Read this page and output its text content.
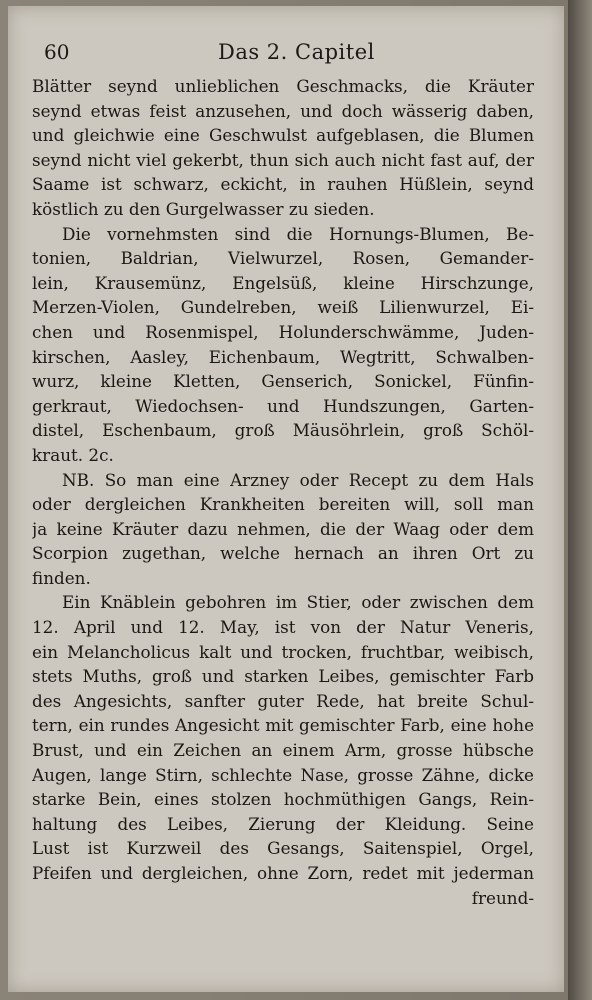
60	Das 2. Capitel
Blätter seynd unlieblichen Geschmacks, die Kräuter
seynd etwas feist anzusehen, und doch wässerig daben,
und gleichwie eine Geschwulst aufgeblasen, die Blumen
seynd nicht viel gekerbt, thun sich auch nicht fast auf, der
Saame ist schwarz, eckicht, in rauhen Hüßlein, seynd
köstlich zu den Gurgelwasser zu sieden.
Die vornehmsten sind die Hornungs-Blumen, Be-
tonien, Baldrian, Vielwurzel, Rosen, Gemander-
lein, Krausemünz, Engelsüß, kleine Hirschzunge,
Merzen-Violen, Gundelreben, weiß Lilienwurzel, Ei-
chen und Rosenmispel, Holunderschwämme, Juden-
kirschen, Aasley, Eichenbaum, Wegtritt, Schwalben-
wurz, kleine Kletten, Genserich, Sonickel, Fünfin-
gerkraut, Wiedochsen- und Hundszungen, Garten-
distel, Eschenbaum, groß Mäusöhrlein, groß Schöl-
kraut. 2c.
NB. So man eine Arzney oder Recept zu dem Hals
oder dergleichen Krankheiten bereiten will, soll man
ja keine Kräuter dazu nehmen, die der Waag oder dem
Scorpion zugethan, welche hernach an ihren Ort zu
finden.
Ein Knäblein gebohren im Stier, oder zwischen dem
12. April und 12. May, ist von der Natur Veneris,
ein Melancholicus kalt und trocken, fruchtbar, weibisch,
stets Muths, groß und starken Leibes, gemischter Farb
des Angesichts, sanfter guter Rede, hat breite Schul-
tern, ein rundes Angesicht mit gemischter Farb, eine hohe
Brust, und ein Zeichen an einem Arm, grosse hübsche
Augen, lange Stirn, schlechte Nase, grosse Zähne, dicke
starke Bein, eines stolzen hochmüthigen Gangs, Rein-
haltung des Leibes, Zierung der Kleidung. Seine
Lust ist Kurzweil des Gesangs, Saitenspiel, Orgel,
Pfeifen und dergleichen, ohne Zorn, redet mit jederman
freund-
